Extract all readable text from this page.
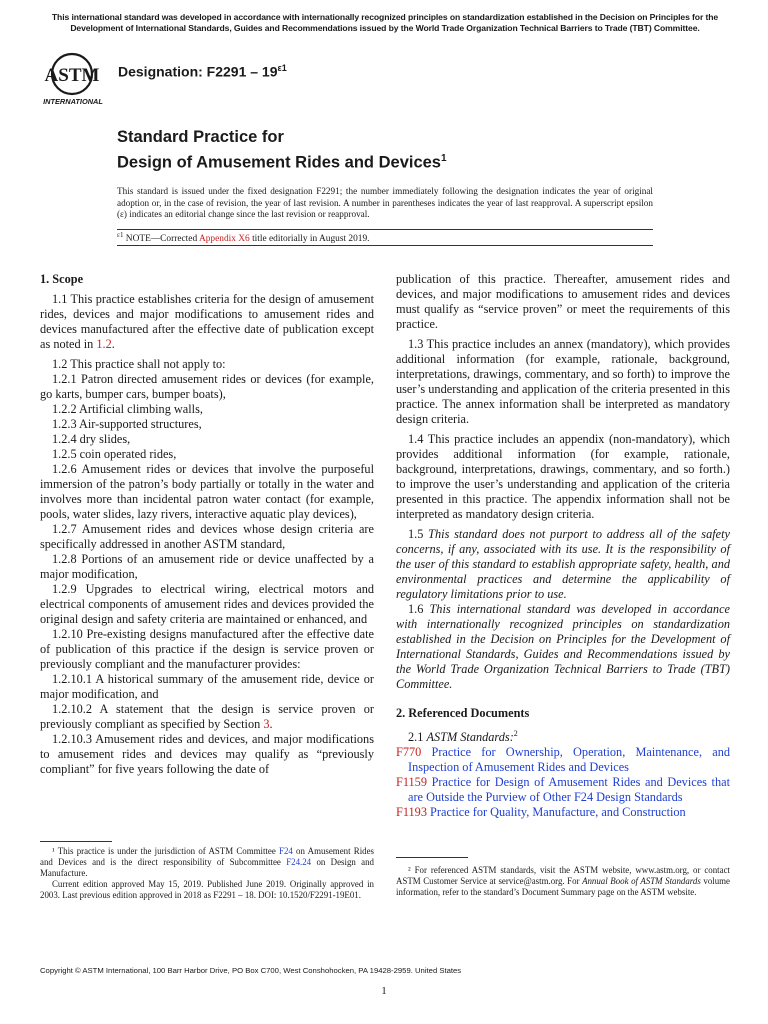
This international standard was developed in accordance with internationally recognized principles on standardization established in the Decision on Principles for the Development of International Standards, Guides and Recommendations issued by the World Trade Organization Technical Barriers to Trade (TBT) Committee.
ASTM
INTERNATIONAL
Designation: $F2291 - 19^{\varepsilon 1}$
Standard Practice for
Design of Amusement Rides and Devices$^1$
This standard is issued under the fixed designation F2291; the number immediately following the designation indicates the year of original adoption or, in the case of revision, the year of last revision. A number in parentheses indicates the year of last reapproval. A superscript epsilon (ε) indicates an editorial change since the last revision or reapproval.
$^{\varepsilon 1}$ NOTE—Corrected Appendix X6 title editorially in August 2019.
1. Scope

1.1 This practice establishes criteria for the design of amusement rides, devices and major modifications to amusement rides and devices manufactured after the effective date of publication except as noted in 1.2.

1.2 This practice shall not apply to:

1.2.1 Patron directed amusement rides or devices (for example, go karts, bumper cars, bumper boats),

1.2.2 Artificial climbing walls,

1.2.3 Air-supported structures,

1.2.4 dry slides,

1.2.5 coin operated rides,

1.2.6 Amusement rides or devices that involve the purposeful immersion of the patron’s body partially or totally in the water and involves more than incidental patron water contact (for example, pools, water slides, lazy rivers, interactive aquatic play devices),

1.2.7 Amusement rides and devices whose design criteria are specifically addressed in another ASTM standard,

1.2.8 Portions of an amusement ride or device unaffected by a major modification,

1.2.9 Upgrades to electrical wiring, electrical motors and electrical components of amusement rides and devices provided the original design and safety criteria are maintained or enhanced, and

1.2.10 Pre-existing designs manufactured after the effective date of publication of this practice if the design is service proven or previously compliant and the manufacturer provides:

1.2.10.1 A historical summary of the amusement ride, device or major modification, and

1.2.10.2 A statement that the design is service proven or previously compliant as specified by Section 3.

1.2.10.3 Amusement rides and devices, and major modifications to amusement rides and devices may qualify as “previously compliant” for five years following the date of

publication of this practice. Thereafter, amusement rides and devices, and major modifications to amusement rides and devices must qualify as “service proven” or meet the requirements of this practice.

1.3 This practice includes an annex (mandatory), which provides additional information (for example, rationale, background, interpretations, drawings, commentary, and so forth) to improve the user’s understanding and application of the criteria presented in this practice. The annex information shall be interpreted as mandatory design criteria.

1.4 This practice includes an appendix (non-mandatory), which provides additional information (for example, rationale, background, interpretations, drawings, commentary, and so forth.) to improve the user’s understanding and application of the criteria presented in this practice. The appendix information shall not be interpreted as mandatory design criteria.

1.5 This standard does not purport to address all of the safety concerns, if any, associated with its use. It is the responsibility of the user of this standard to establish appropriate safety, health, and environmental practices and determine the applicability of regulatory limitations prior to use.

1.6 This international standard was developed in accordance with internationally recognized principles on standardization established in the Decision on Principles for the Development of International Standards, Guides and Recommendations issued by the World Trade Organization Technical Barriers to Trade (TBT) Committee.

2. Referenced Documents

2.1 ASTM Standards:$^2$

F770 Practice for Ownership, Operation, Maintenance, and Inspection of Amusement Rides and Devices

F1159 Practice for Design of Amusement Rides and Devices that are Outside the Purview of Other F24 Design Standards

F1193 Practice for Quality, Manufacture, and Construction

¹ This practice is under the jurisdiction of ASTM Committee F24 on Amusement Rides and Devices and is the direct responsibility of Subcommittee F24.24 on Design and Manufacture.

Current edition approved May 15, 2019. Published June 2019. Originally approved in 2003. Last previous edition approved in 2018 as F2291 – 18. DOI: 10.1520/F2291-19E01.

² For referenced ASTM standards, visit the ASTM website, www.astm.org, or contact ASTM Customer Service at service@astm.org. For Annual Book of ASTM Standards volume information, refer to the standard’s Document Summary page on the ASTM website.

Copyright © ASTM International, 100 Barr Harbor Drive, PO Box C700, West Conshohocken, PA 19428-2959. United States
1
